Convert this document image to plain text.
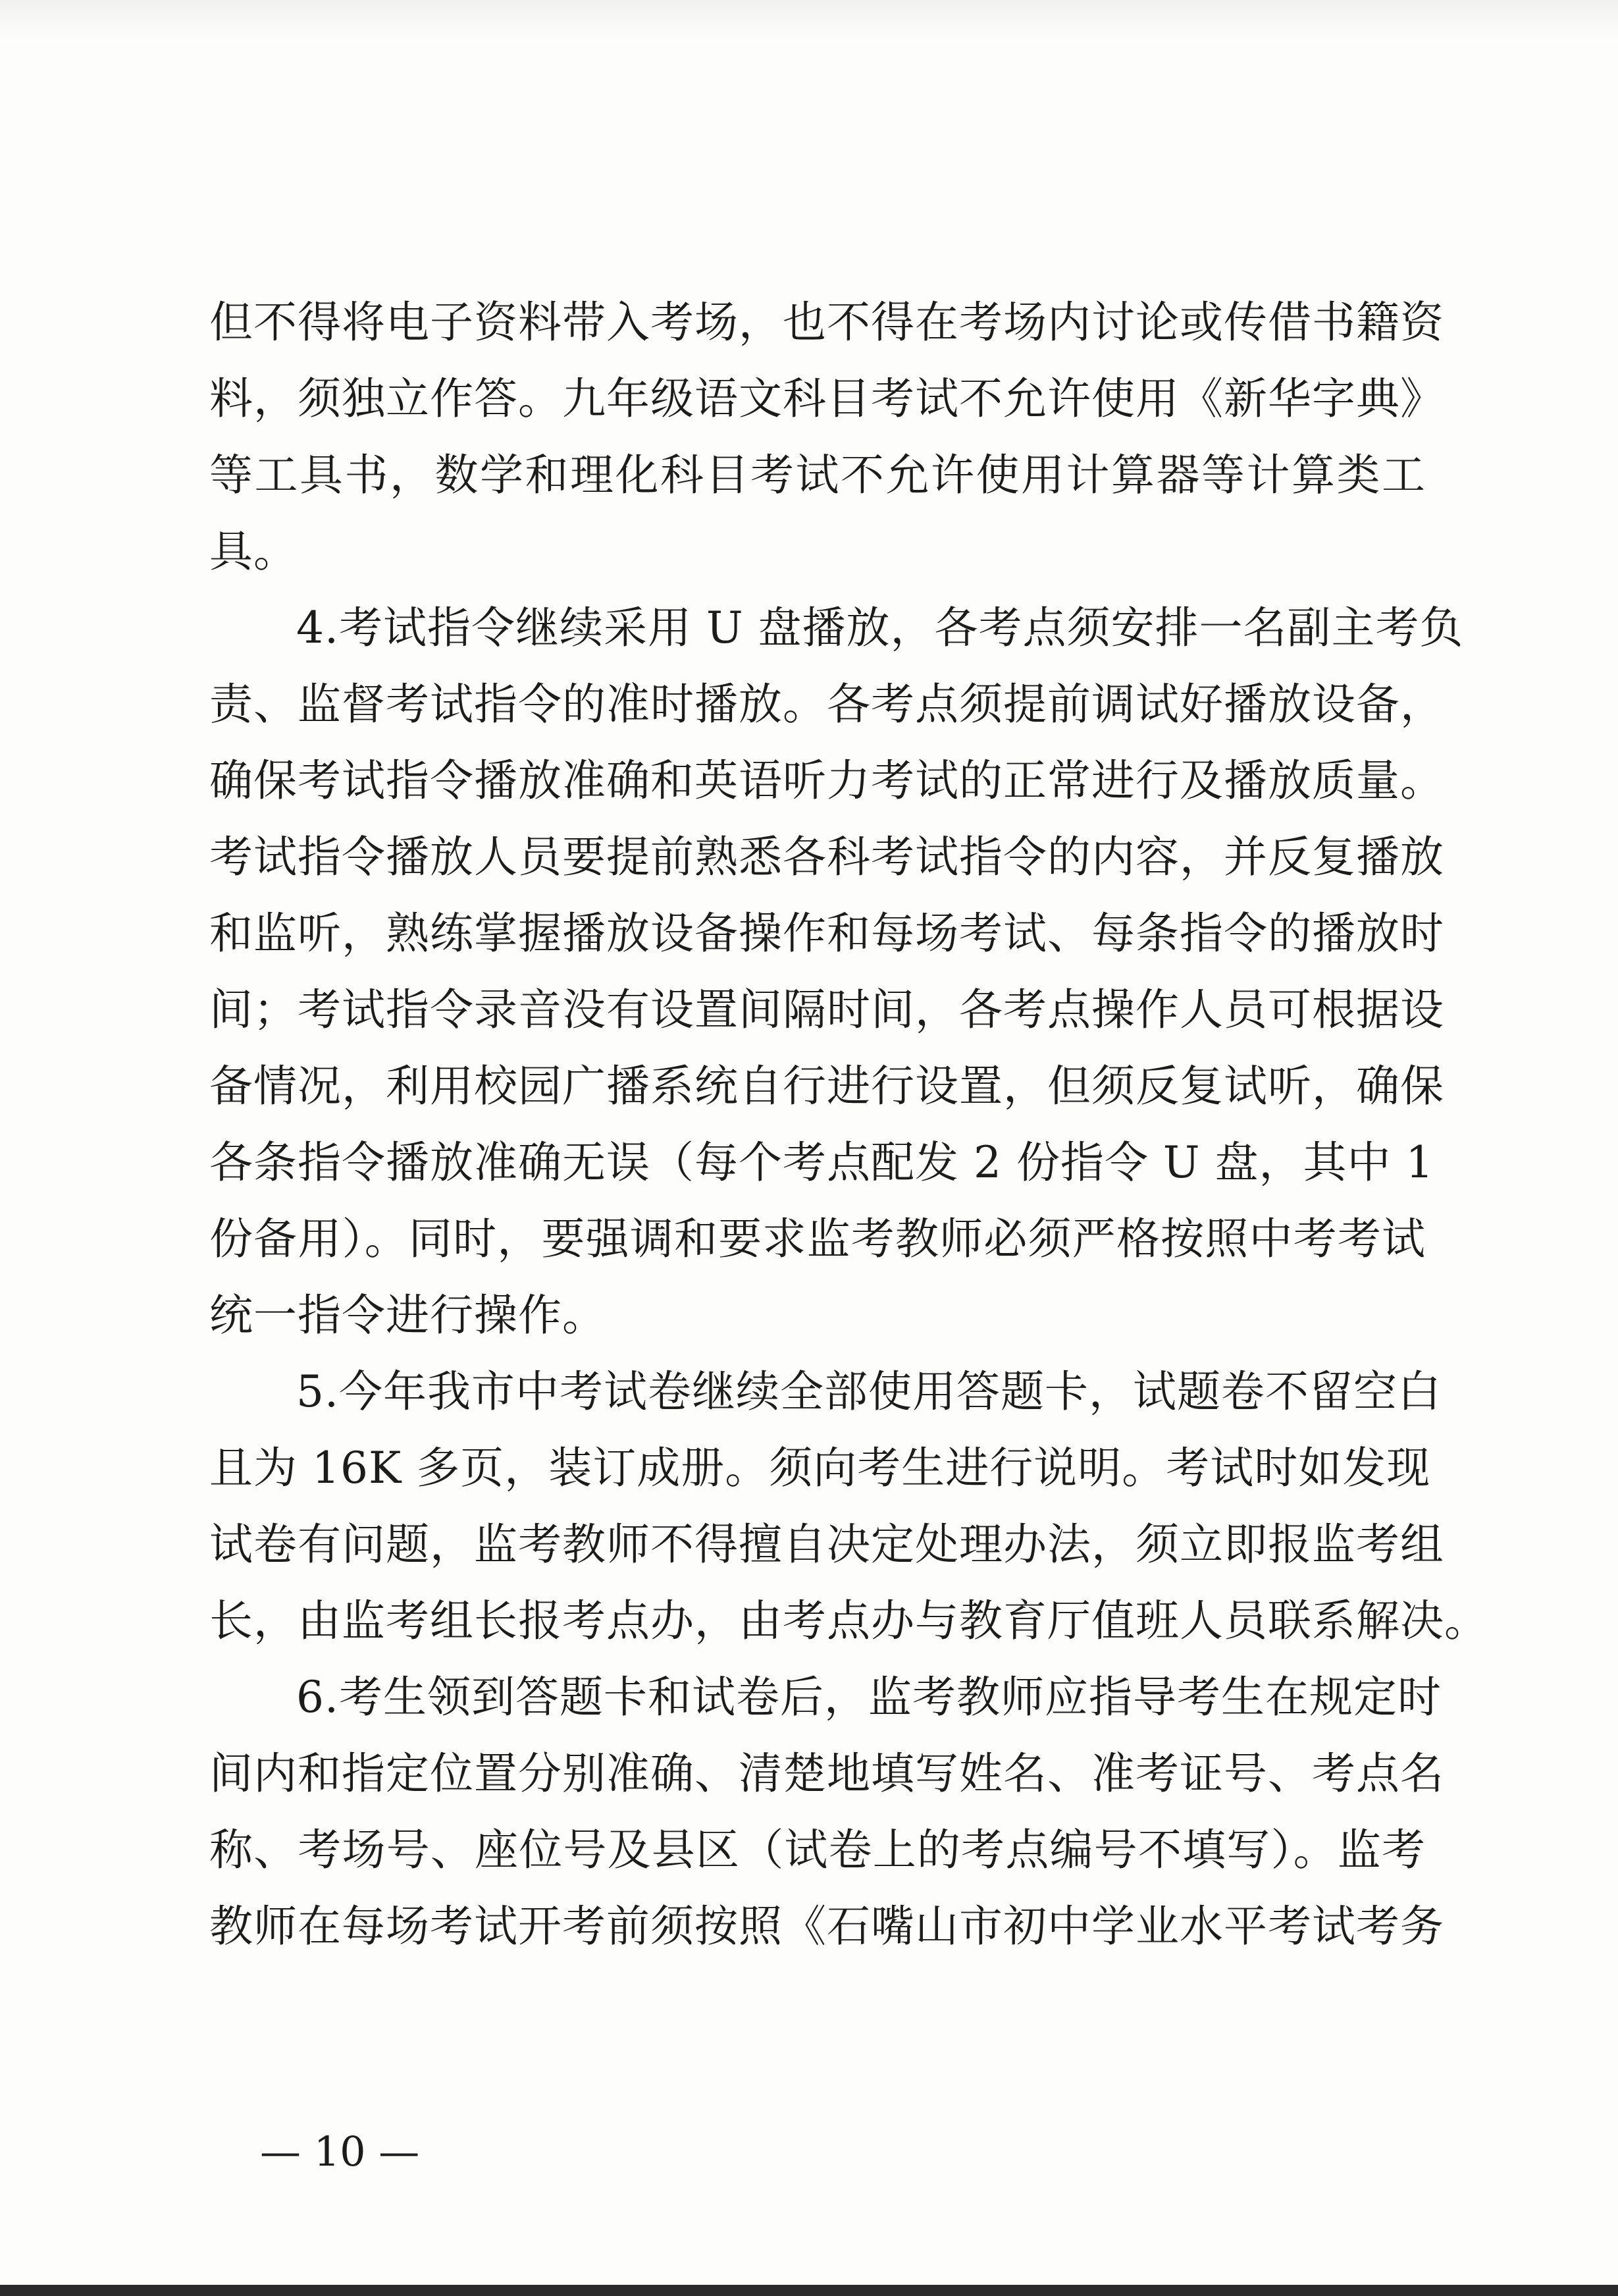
但不得将电子资料带入考场，也不得在考场内讨论或传借书籍资
料，须独立作答。九年级语文科目考试不允许使用《新华字典》
等工具书，数学和理化科目考试不允许使用计算器等计算类工
具。
4.考试指令继续采用 U 盘播放，各考点须安排一名副主考负
责、监督考试指令的准时播放。各考点须提前调试好播放设备，
确保考试指令播放准确和英语听力考试的正常进行及播放质量。
考试指令播放人员要提前熟悉各科考试指令的内容，并反复播放
和监听，熟练掌握播放设备操作和每场考试、每条指令的播放时
间；考试指令录音没有设置间隔时间，各考点操作人员可根据设
备情况，利用校园广播系统自行进行设置，但须反复试听，确保
各条指令播放准确无误（每个考点配发 2 份指令 U 盘，其中 1
份备用）。同时，要强调和要求监考教师必须严格按照中考考试
统一指令进行操作。
5.今年我市中考试卷继续全部使用答题卡，试题卷不留空白
且为 16K 多页，装订成册。须向考生进行说明。考试时如发现
试卷有问题，监考教师不得擅自决定处理办法，须立即报监考组
长，由监考组长报考点办，由考点办与教育厅值班人员联系解决。
6.考生领到答题卡和试卷后，监考教师应指导考生在规定时
间内和指定位置分别准确、清楚地填写姓名、准考证号、考点名
称、考场号、座位号及县区（试卷上的考点编号不填写）。监考
教师在每场考试开考前须按照《石嘴山市初中学业水平考试考务
— 10 —
